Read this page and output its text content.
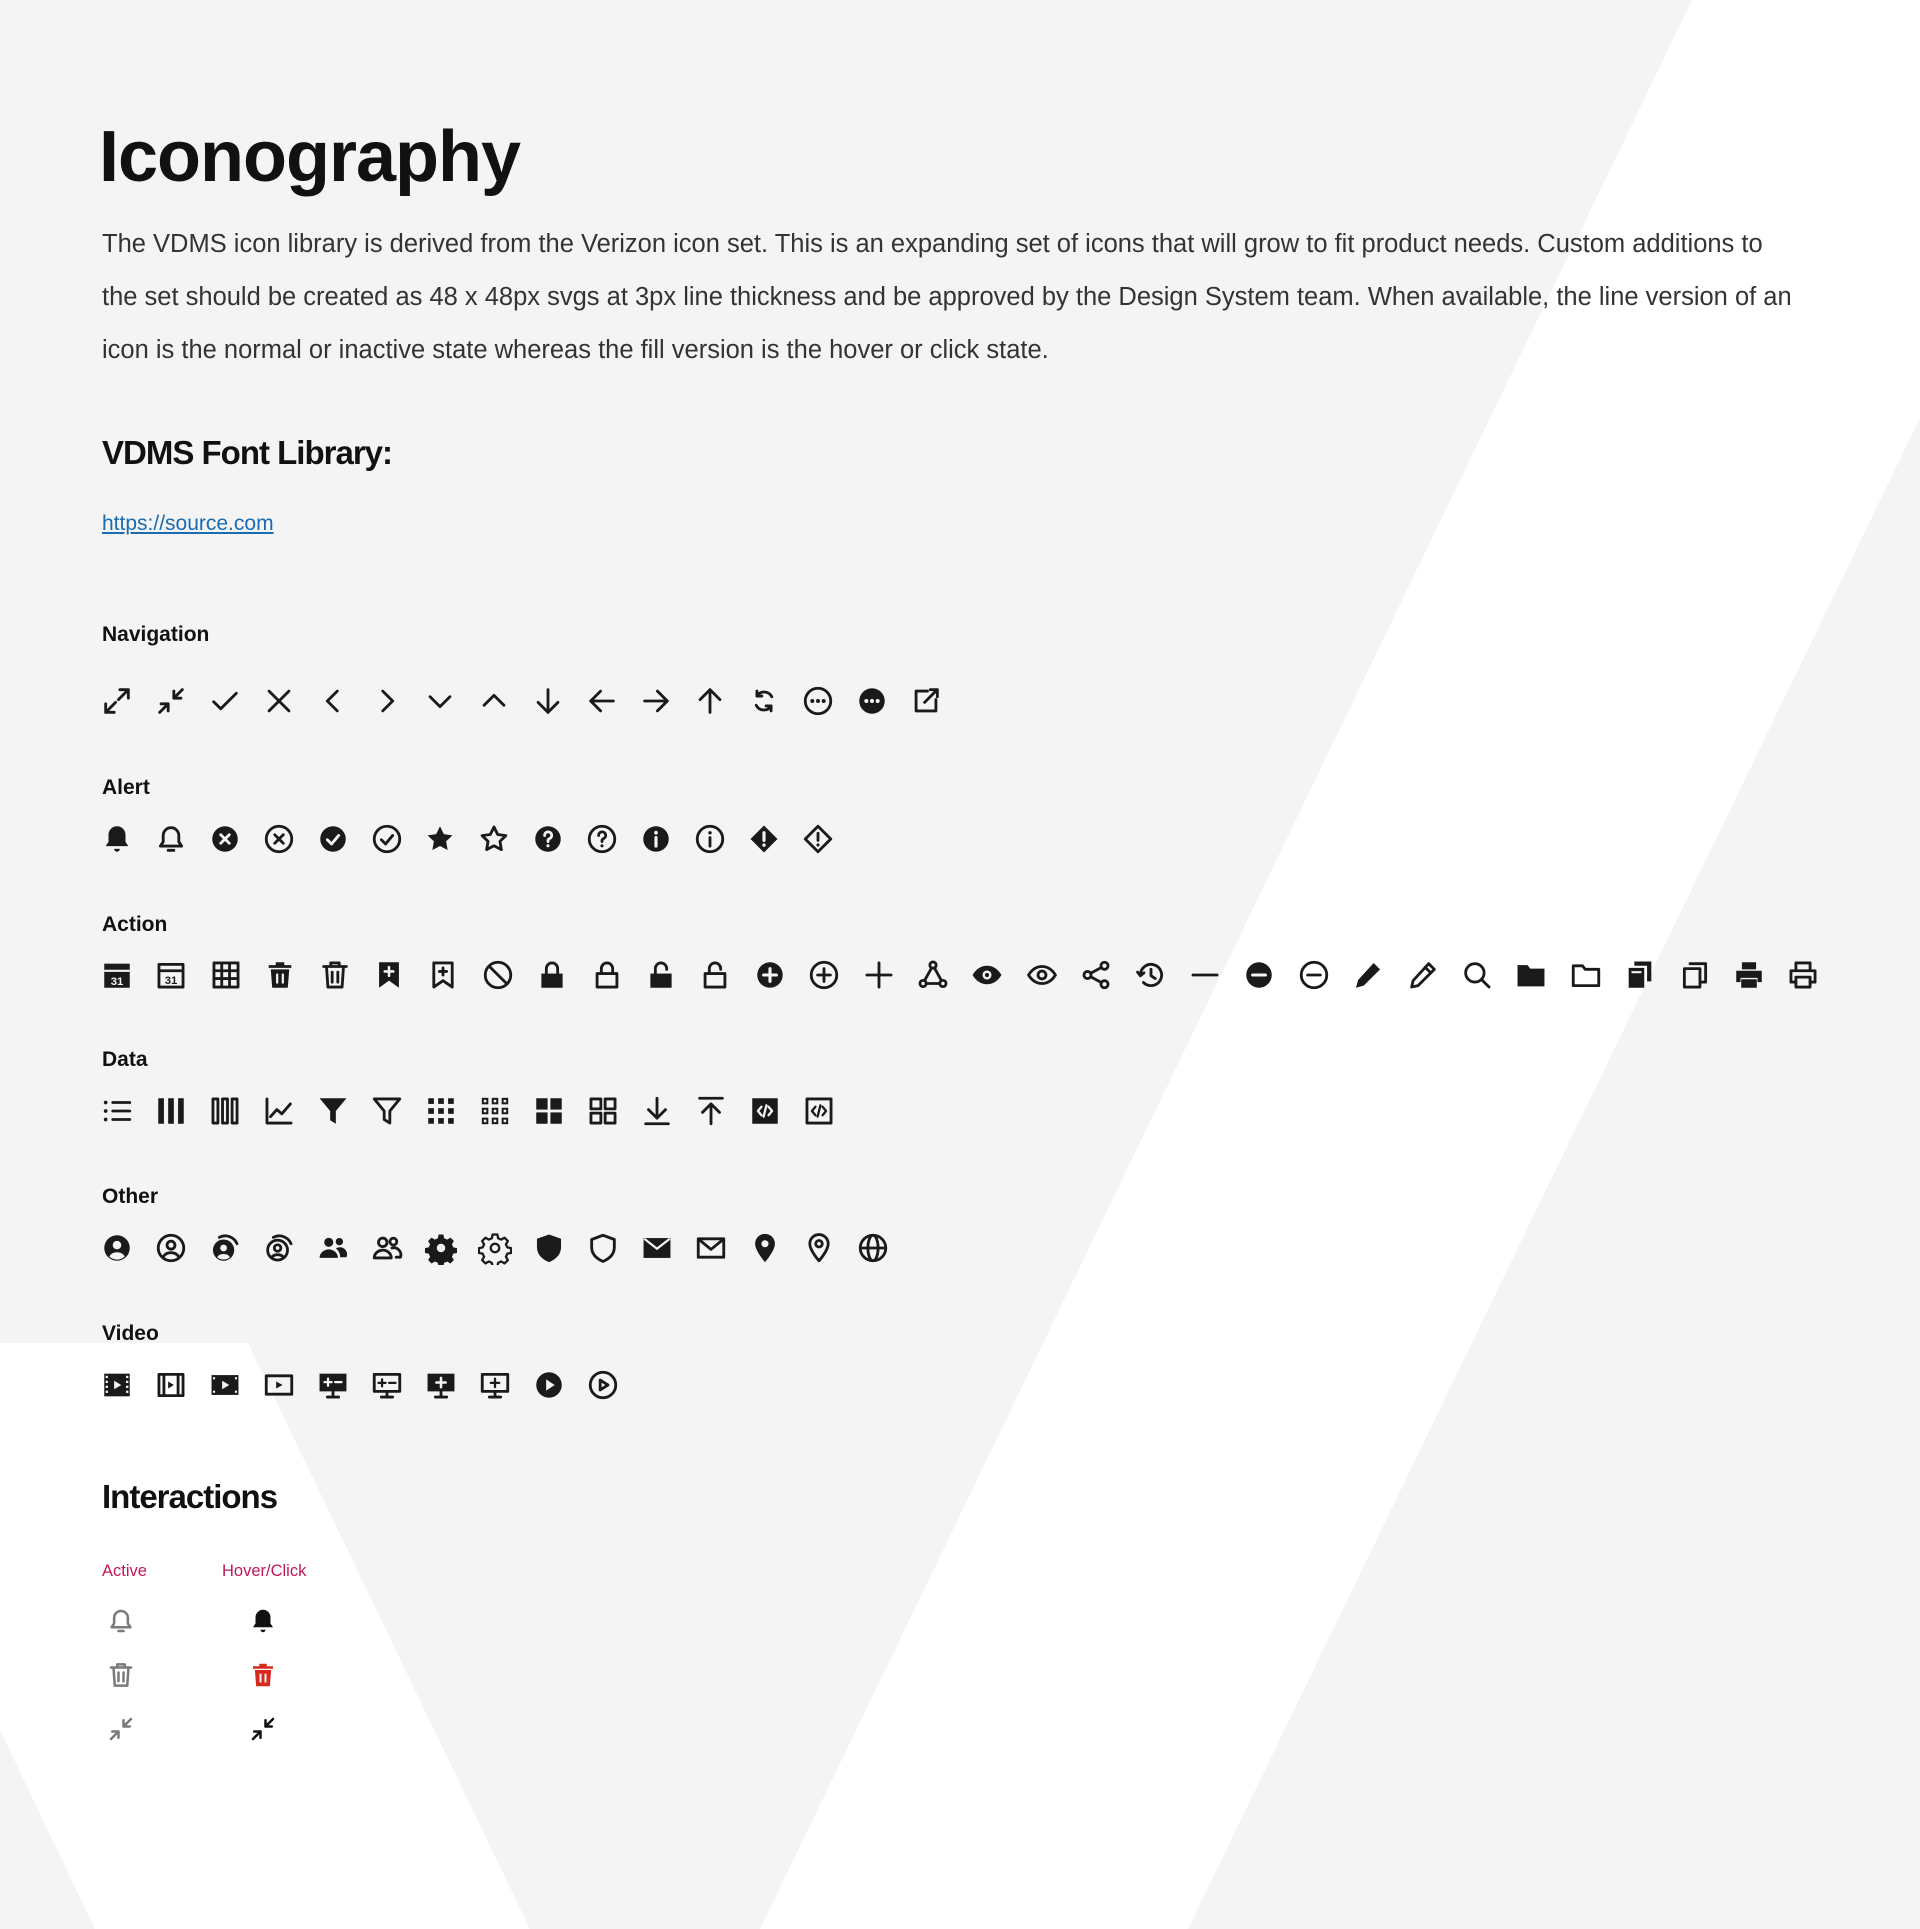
Iconography

The VDMS icon library is derived from the Verizon icon set. This is an expanding set of icons that will grow to fit product needs. Custom additions to the set should be created as 48 x 48px svgs at 3px line thickness and be approved by the Design System team. When available, the line version of an icon is the normal or inactive state whereas the fill version is the hover or click state.

VDMS Font Library:
https://source.com
Navigation
Alert
Action
31	31
Data
Other
Video
Interactions
Active	Hover/Click
